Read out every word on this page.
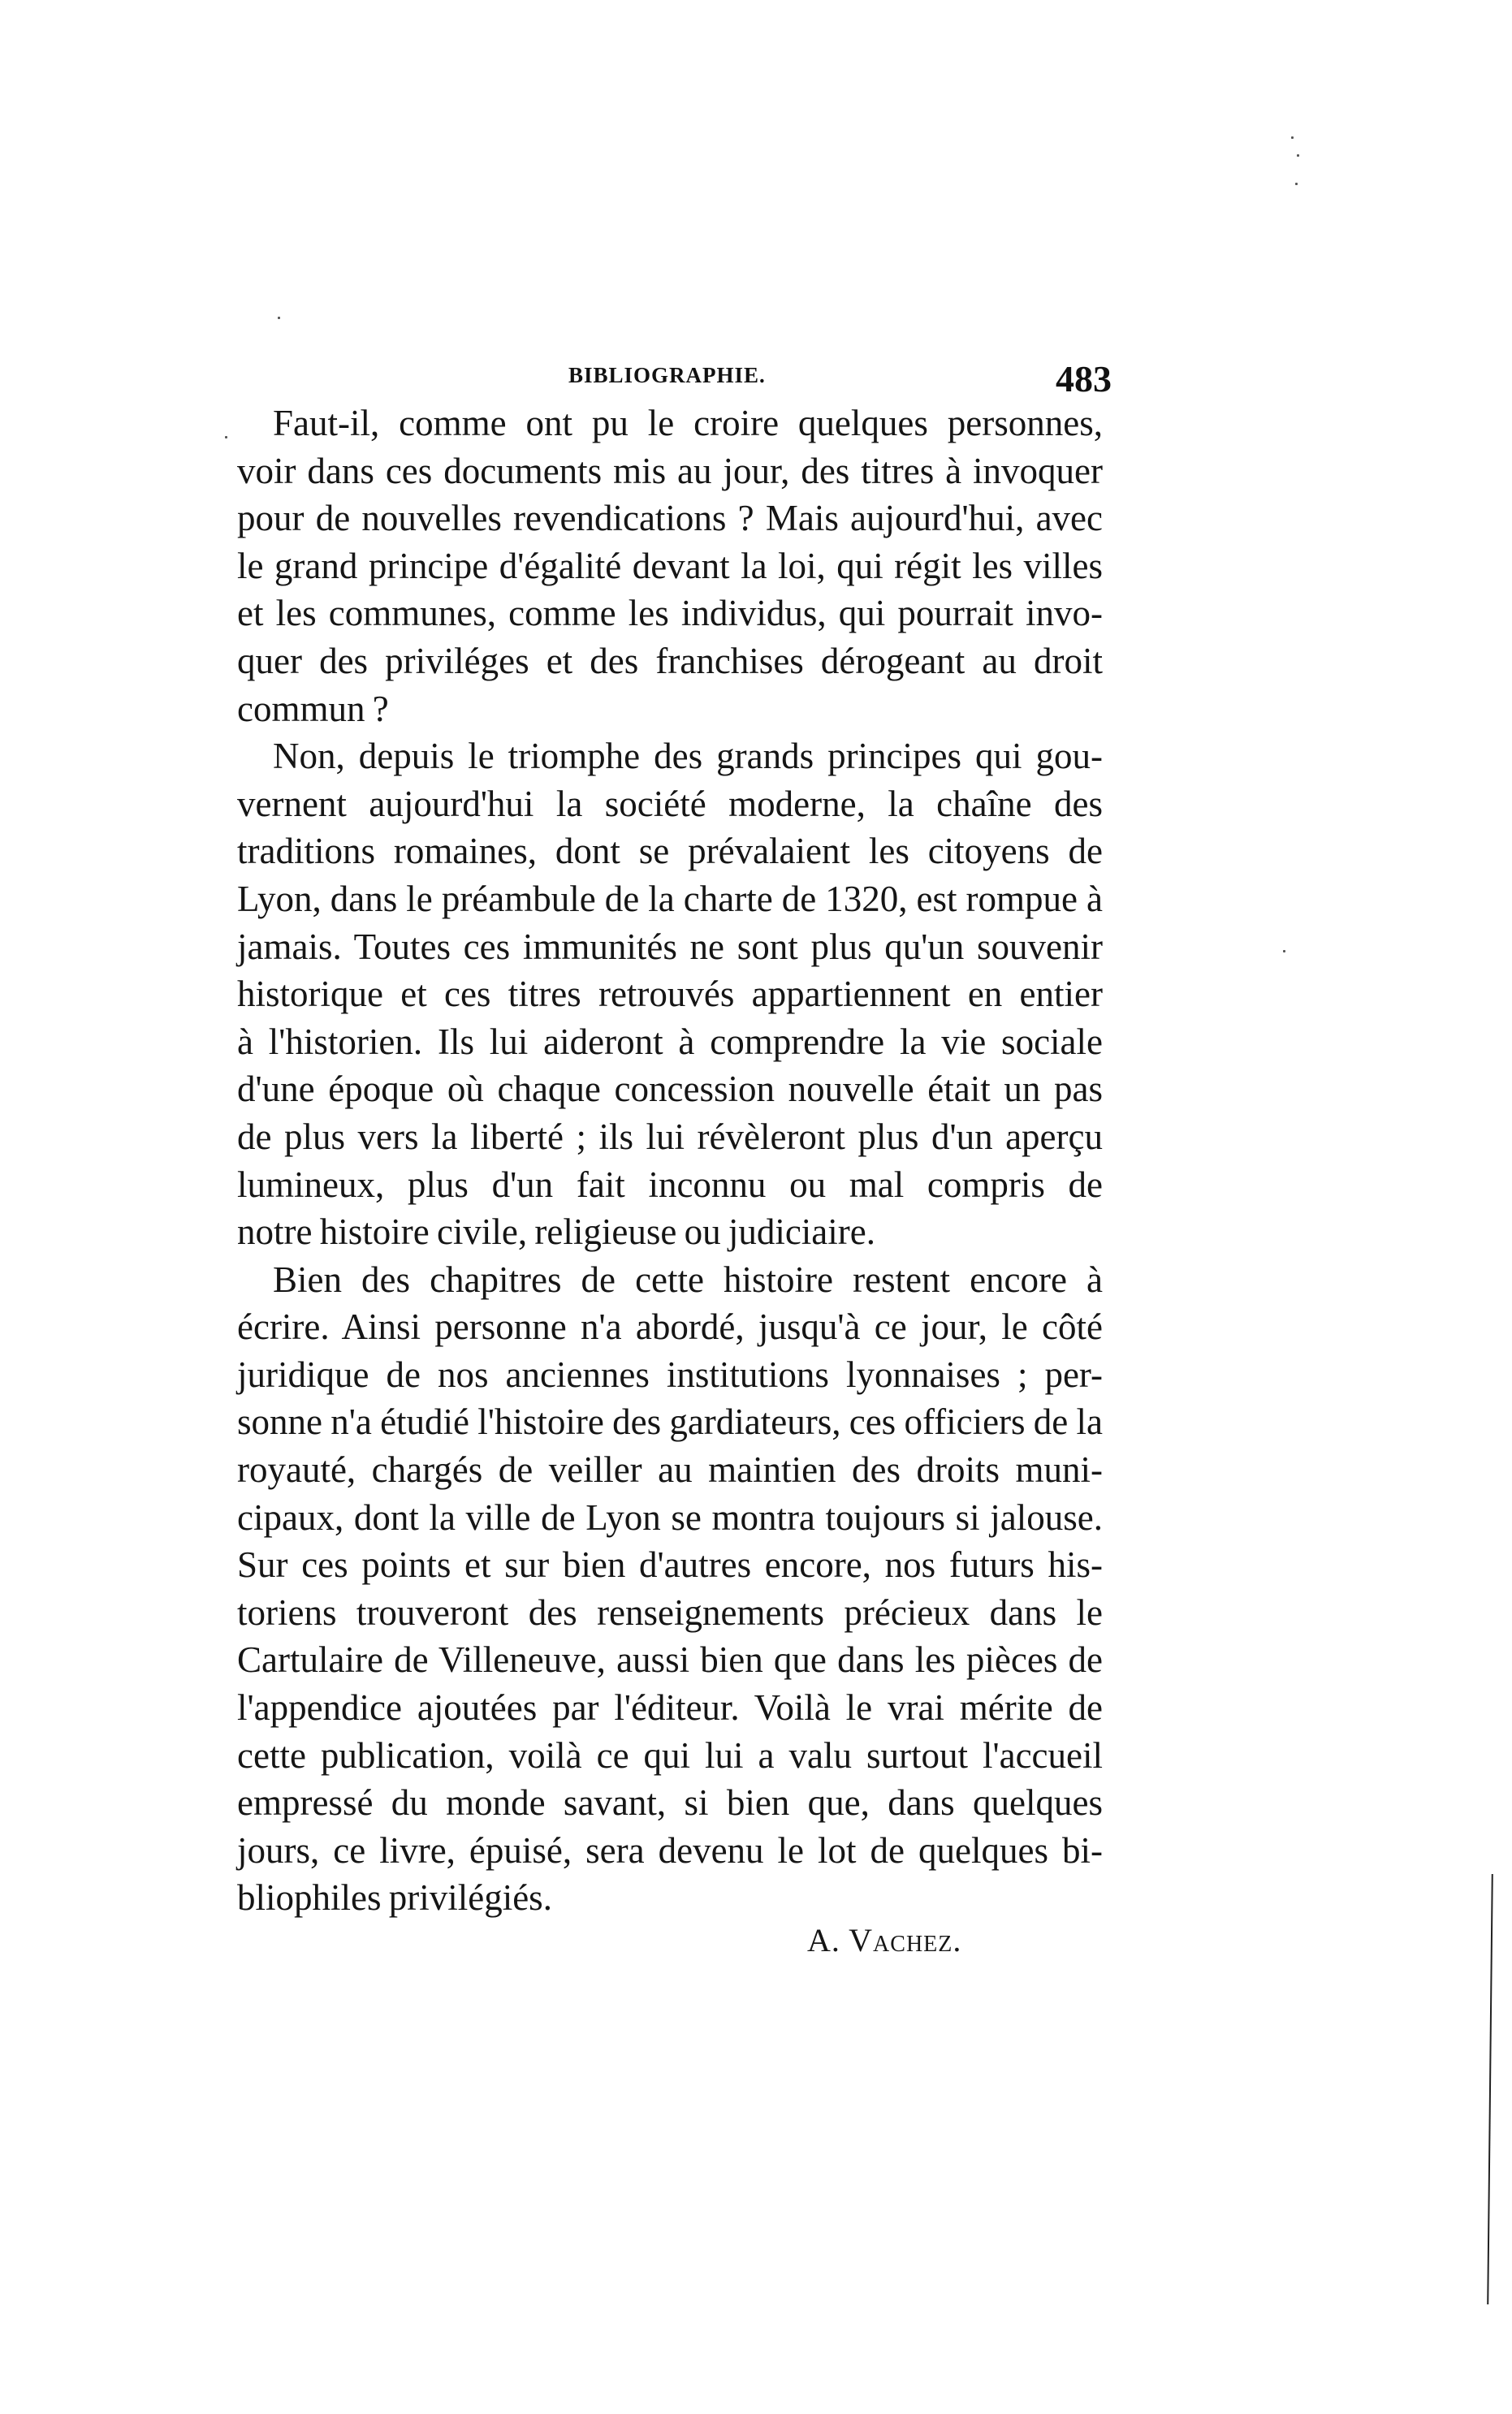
BIBLIOGRAPHIE.	483
Faut-il, comme ont pu le croire quelques personnes,
voir dans ces documents mis au jour, des titres à invoquer
pour de nouvelles revendications ? Mais aujourd'hui, avec
le grand principe d'égalité devant la loi, qui régit les villes
et les communes, comme les individus, qui pourrait invo-
quer des priviléges et des franchises dérogeant au droit
commun ?
Non, depuis le triomphe des grands principes qui gou-
vernent aujourd'hui la société moderne, la chaîne des
traditions romaines, dont se prévalaient les citoyens de
Lyon, dans le préambule de la charte de 1320, est rompue à
jamais. Toutes ces immunités ne sont plus qu'un souvenir
historique et ces titres retrouvés appartiennent en entier
à l'historien. Ils lui aideront à comprendre la vie sociale
d'une époque où chaque concession nouvelle était un pas
de plus vers la liberté ; ils lui révèleront plus d'un aperçu
lumineux, plus d'un fait inconnu ou mal compris de
notre histoire civile, religieuse ou judiciaire.
Bien des chapitres de cette histoire restent encore à
écrire. Ainsi personne n'a abordé, jusqu'à ce jour, le côté
juridique de nos anciennes institutions lyonnaises ; per-
sonne n'a étudié l'histoire des gardiateurs, ces officiers de la
royauté, chargés de veiller au maintien des droits muni-
cipaux, dont la ville de Lyon se montra toujours si jalouse.
Sur ces points et sur bien d'autres encore, nos futurs his-
toriens trouveront des renseignements précieux dans le
Cartulaire de Villeneuve, aussi bien que dans les pièces de
l'appendice ajoutées par l'éditeur. Voilà le vrai mérite de
cette publication, voilà ce qui lui a valu surtout l'accueil
empressé du monde savant, si bien que, dans quelques
jours, ce livre, épuisé, sera devenu le lot de quelques bi-
bliophiles privilégiés.
A. Vachez.
